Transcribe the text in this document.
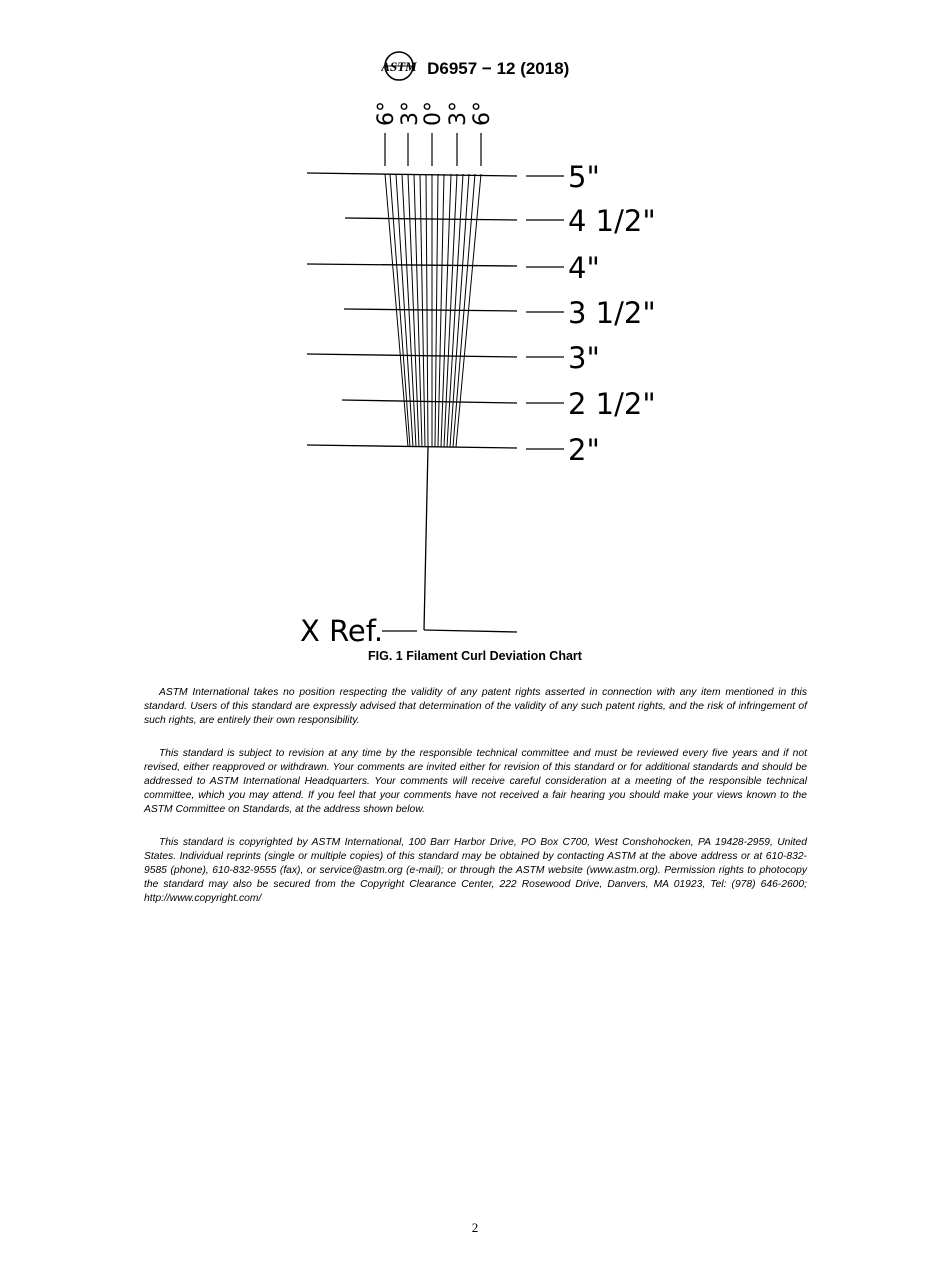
ASTM D6957 − 12 (2018)
6° 3°
0° 3° 6°
5"
4 1/2"
4"
3 1/2"
3"
2 1/2"
2"
X Ref.
FIG. 1 Filament Curl Deviation Chart

ASTM International takes no position respecting the validity of any patent rights asserted in connection with any item mentioned in this standard. Users of this standard are expressly advised that determination of the validity of any such patent rights, and the risk of infringement of such rights, are entirely their own responsibility.

This standard is subject to revision at any time by the responsible technical committee and must be reviewed every five years and if not revised, either reapproved or withdrawn. Your comments are invited either for revision of this standard or for additional standards and should be addressed to ASTM International Headquarters. Your comments will receive careful consideration at a meeting of the responsible technical committee, which you may attend. If you feel that your comments have not received a fair hearing you should make your views known to the ASTM Committee on Standards, at the address shown below.

This standard is copyrighted by ASTM International, 100 Barr Harbor Drive, PO Box C700, West Conshohocken, PA 19428-2959, United States. Individual reprints (single or multiple copies) of this standard may be obtained by contacting ASTM at the above address or at 610-832-9585 (phone), 610-832-9555 (fax), or service@astm.org (e-mail); or through the ASTM website (www.astm.org). Permission rights to photocopy the standard may also be secured from the Copyright Clearance Center, 222 Rosewood Drive, Danvers, MA 01923, Tel: (978) 646-2600; http://www.copyright.com/

2
